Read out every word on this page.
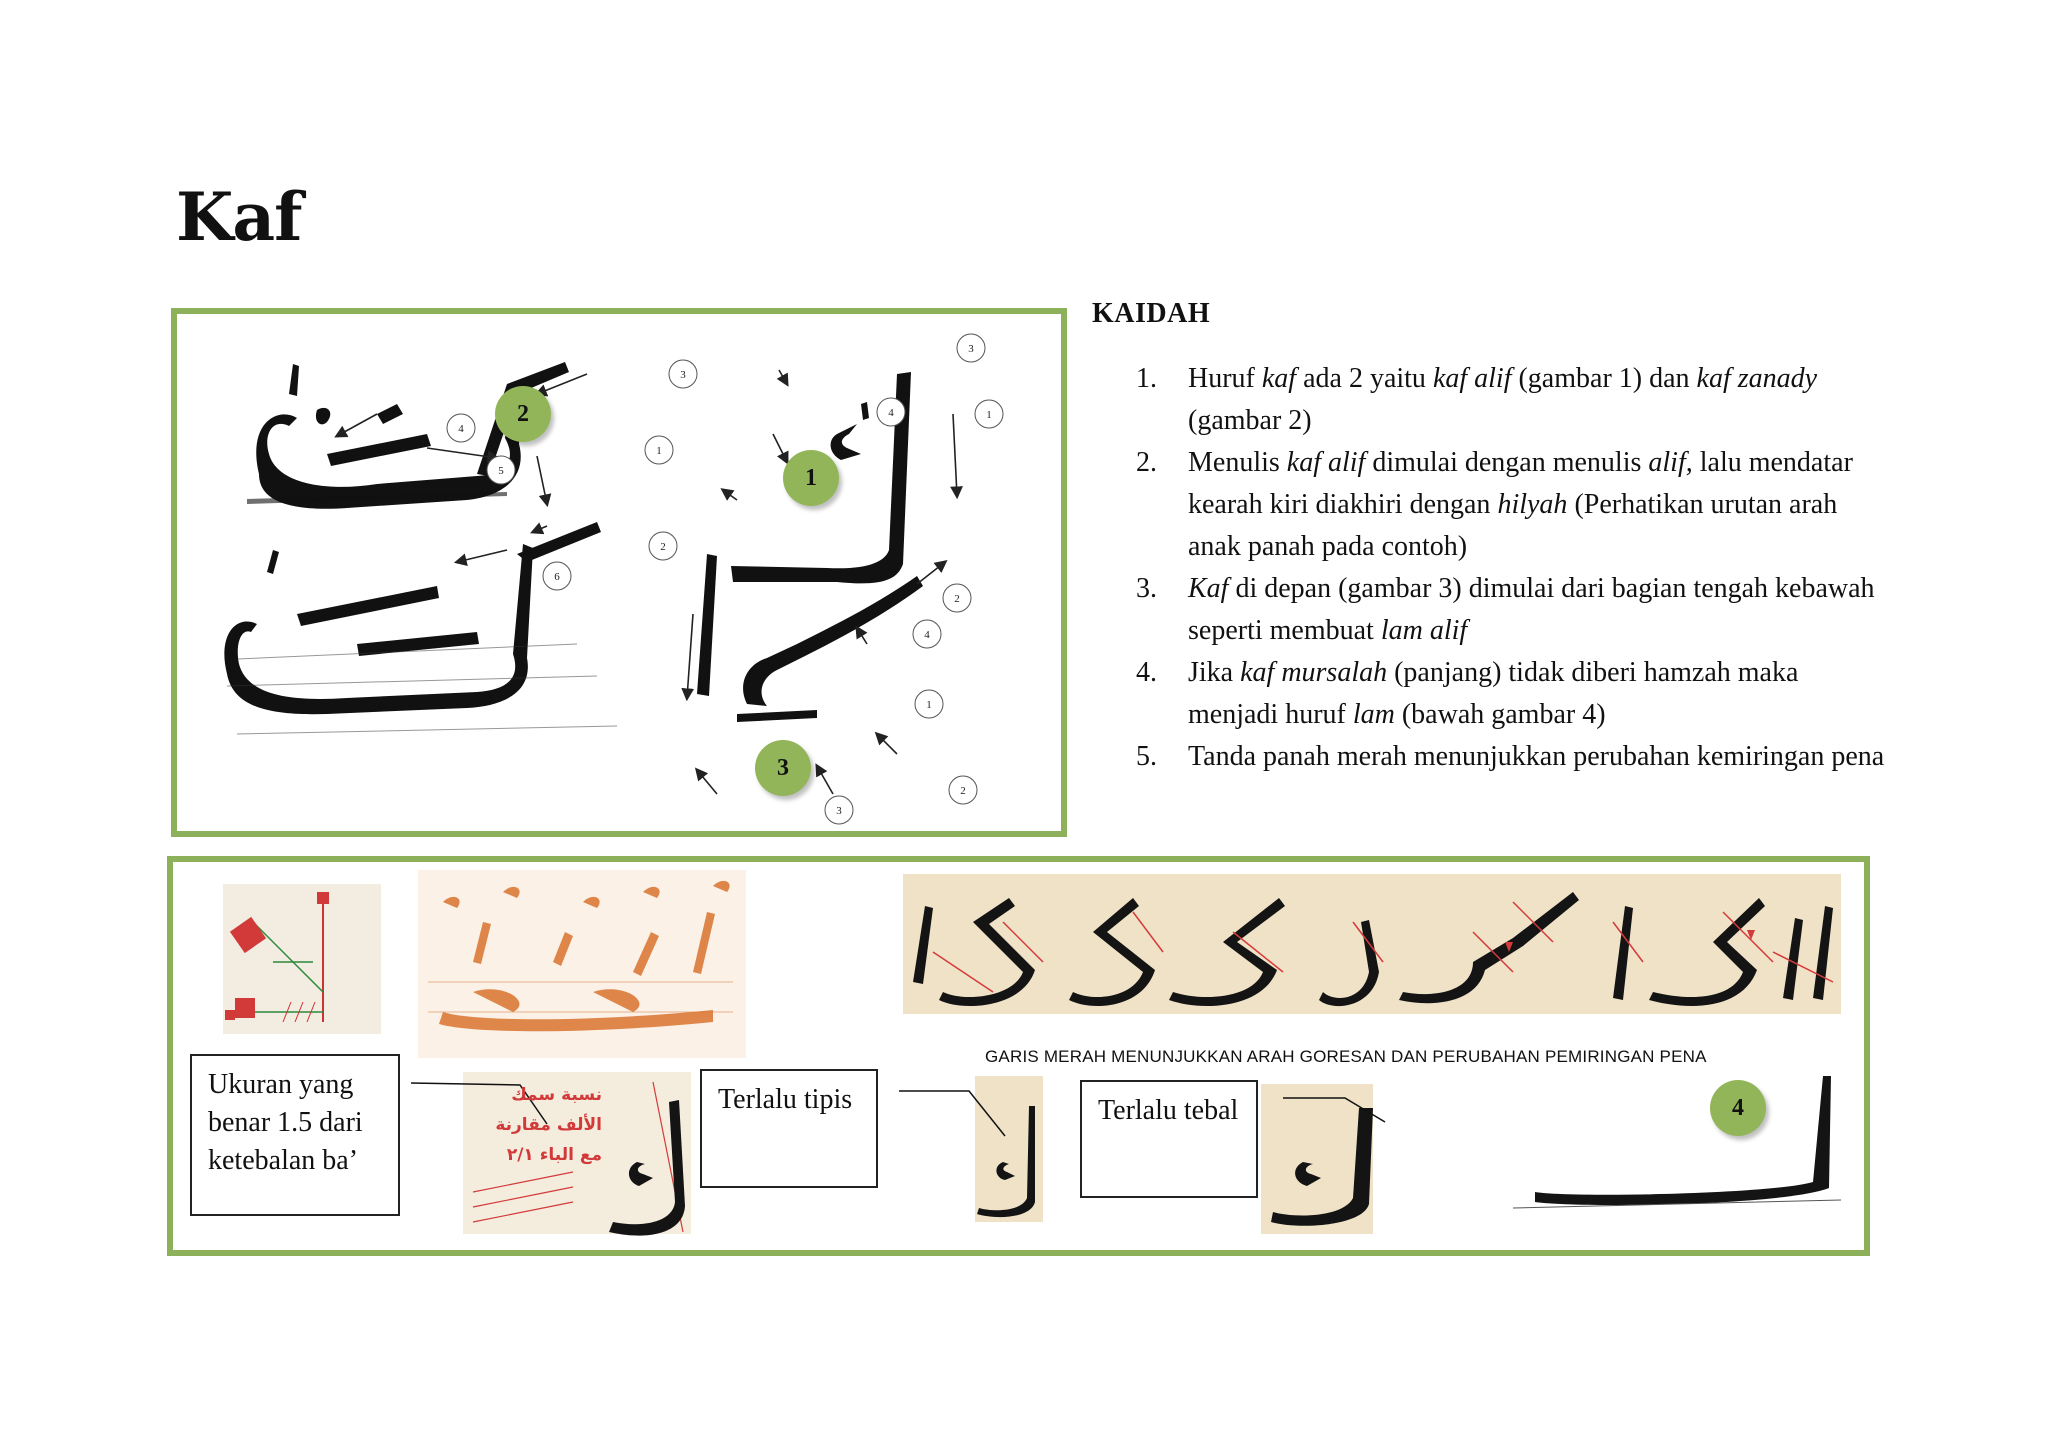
Kaf
1
2
3
4
5
6
3
1
4
2
4
1
2
3
2
1
3
KAIDAH
1. Huruf kaf ada 2 yaitu kaf alif (gambar 1) dan kaf zanady (gambar 2)
2. Menulis kaf alif dimulai dengan menulis alif, lalu mendatar kearah kiri diakhiri dengan hilyah (Perhatikan urutan arah anak panah pada contoh)
3. Kaf di depan (gambar 3) dimulai dari bagian tengah kebawah seperti membuat lam alif
4. Jika kaf mursalah (panjang) tidak diberi hamzah maka menjadi huruf lam (bawah gambar 4)
5. Tanda panah merah menunjukkan perubahan kemiringan pena
4
نسبة سمك
الألف مقارنة
مع الباء ٢/١
GARIS MERAH MENUNJUKKAN ARAH GORESAN DAN PERUBAHAN PEMIRINGAN PENA
Ukuran yang benar 1.5 dari ketebalan ba’
Terlalu tipis	Terlalu tebal
